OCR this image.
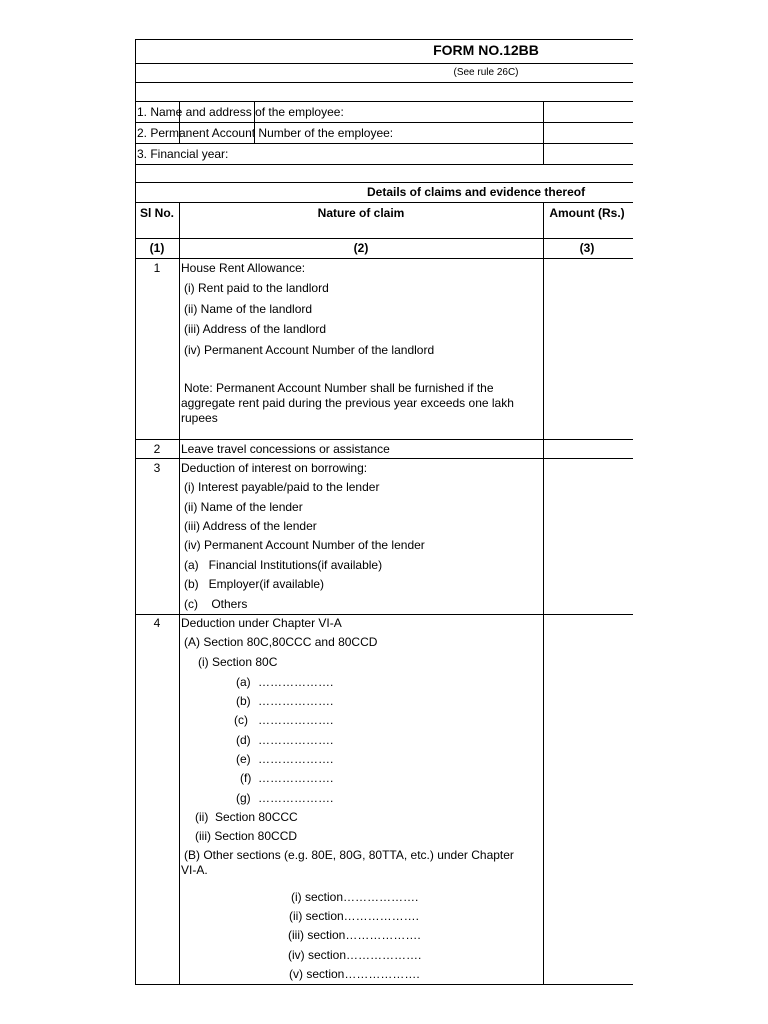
FORM NO.12BB
(See rule 26C)
1. Name and address of the employee:
2. Permanent Account Number of the employee:
3. Financial year:
Details of claims and evidence thereof
Sl No.	Nature of claim	Amount (Rs.)
(1)	(2)	(3)
1 House Rent Allowance:
(i) Rent paid to the landlord
(ii) Name of the landlord
(iii) Address of the landlord
(iv) Permanent Account Number of the landlord
Note: Permanent Account Number shall be furnished if the aggregate rent paid during the previous year exceeds one lakh rupees
2 Leave travel concessions or assistance
3 Deduction of interest on borrowing:
(i) Interest payable/paid to the lender
(ii) Name of the lender
(iii) Address of the lender
(iv) Permanent Account Number of the lender
(a)   Financial Institutions(if available)
(b)   Employer(if available)
(c)    Others
4 Deduction under Chapter VI-A
(A) Section 80C,80CCC and 80CCD
(i) Section 80C
(a) ……………….
(b) ……………….
(c) ……………….
(d) ……………….
(e) ……………….
(f) ……………….
(g) ……………….
(ii)  Section 80CCC
(iii) Section 80CCD
(B) Other sections (e.g. 80E, 80G, 80TTA, etc.) under Chapter VI-A.
(i) section……………….
(ii) section……………….
(iii) section……………….
(iv) section……………….
(v) section……………….
